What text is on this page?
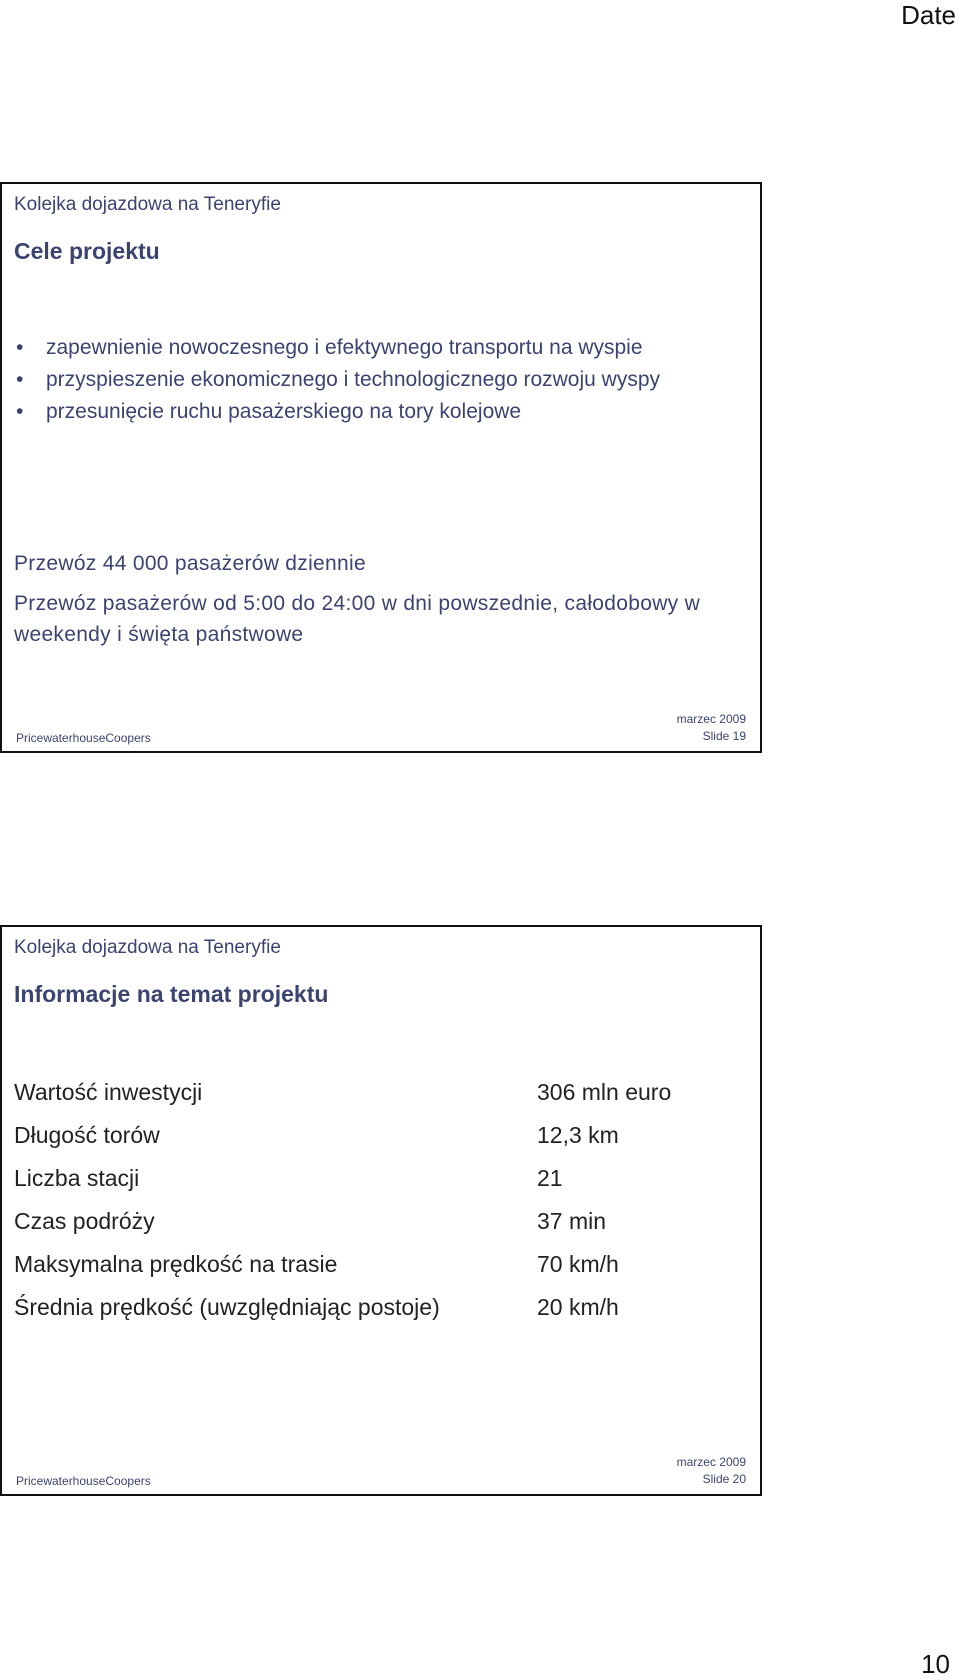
Date
Kolejka dojazdowa na Teneryfie
Cele projektu
• zapewnienie nowoczesnego i efektywnego transportu na wyspie
• przyspieszenie ekonomicznego i technologicznego rozwoju wyspy
• przesunięcie ruchu pasażerskiego na tory kolejowe
Przewóz 44 000 pasażerów dziennie
Przewóz pasażerów od 5:00 do 24:00 w dni powszednie, całodobowy w weekendy i święta państwowe
PricewaterhouseCoopers
marzec 2009
Slide 19
Kolejka dojazdowa na Teneryfie
Informacje na temat projektu
Wartość inwestycji	306 mln euro
Długość torów	12,3 km
Liczba stacji	21
Czas podróży	37 min
Maksymalna prędkość na trasie	70 km/h
Średnia prędkość (uwzględniając postoje)	20 km/h
PricewaterhouseCoopers
marzec 2009
Slide 20
10
